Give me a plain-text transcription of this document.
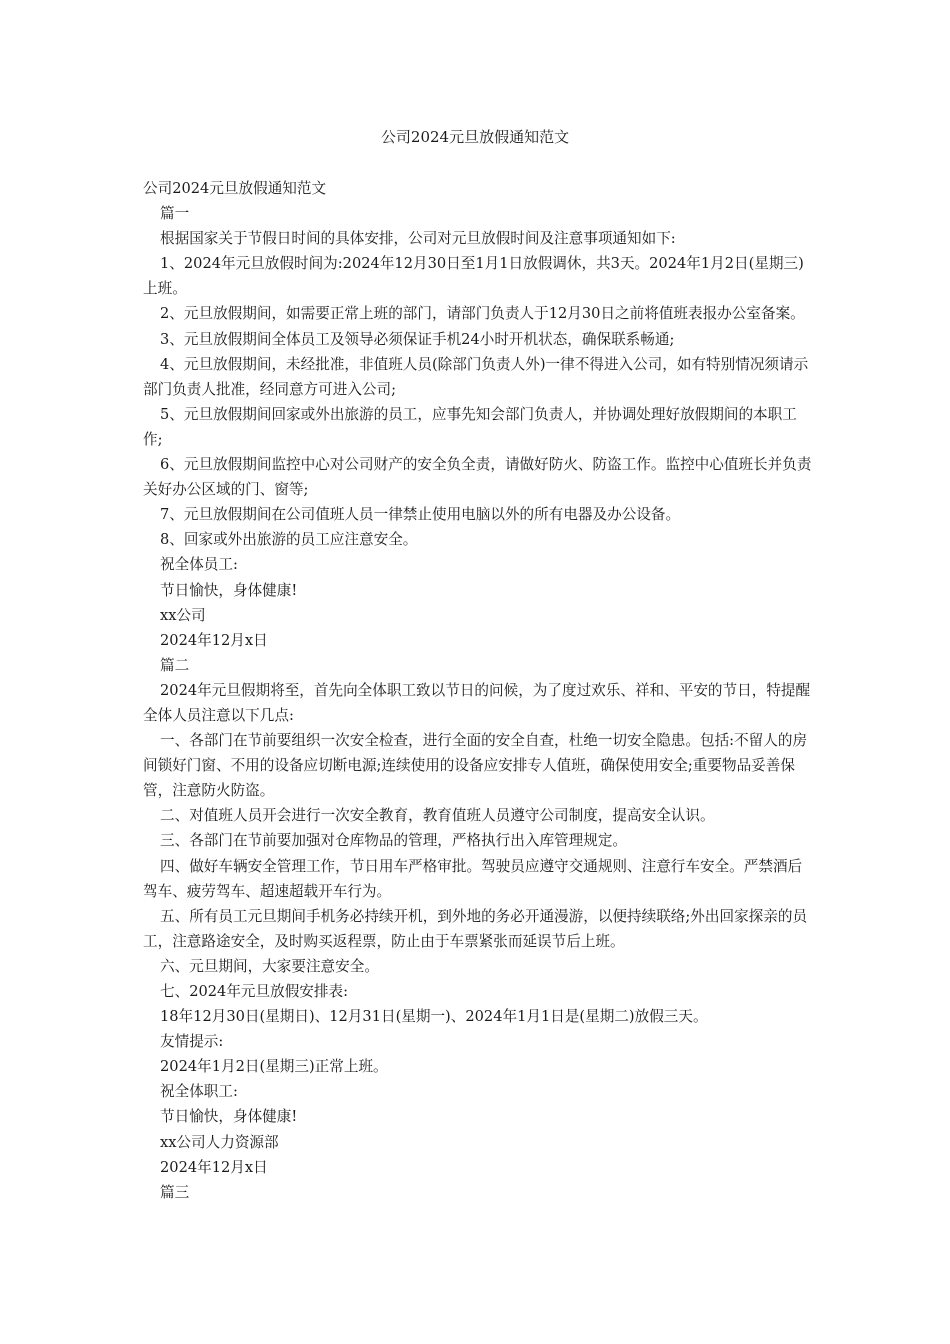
公司2024元旦放假通知范文

公司2024元旦放假通知范文

篇一

根据国家关于节假日时间的具体安排，公司对元旦放假时间及注意事项通知如下:

1、2024年元旦放假时间为:2024年12月30日至1月1日放假调休，共3天。2024年1月2日(星期三)上班。

2、元旦放假期间，如需要正常上班的部门，请部门负责人于12月30日之前将值班表报办公室备案。

3、元旦放假期间全体员工及领导必须保证手机24小时开机状态，确保联系畅通;

4、元旦放假期间，未经批准，非值班人员(除部门负责人外)一律不得进入公司，如有特别情况须请示部门负责人批准，经同意方可进入公司;

5、元旦放假期间回家或外出旅游的员工，应事先知会部门负责人，并协调处理好放假期间的本职工作;

6、元旦放假期间监控中心对公司财产的安全负全责，请做好防火、防盗工作。监控中心值班长并负责关好办公区域的门、窗等;

7、元旦放假期间在公司值班人员一律禁止使用电脑以外的所有电器及办公设备。

8、回家或外出旅游的员工应注意安全。

祝全体员工:

节日愉快，身体健康!

xx公司

2024年12月x日

篇二

2024年元旦假期将至，首先向全体职工致以节日的问候，为了度过欢乐、祥和、平安的节日，特提醒全体人员注意以下几点:

一、各部门在节前要组织一次安全检查，进行全面的安全自查，杜绝一切安全隐患。包括:不留人的房间锁好门窗、不用的设备应切断电源;连续使用的设备应安排专人值班，确保使用安全;重要物品妥善保管，注意防火防盗。

二、对值班人员开会进行一次安全教育，教育值班人员遵守公司制度，提高安全认识。

三、各部门在节前要加强对仓库物品的管理，严格执行出入库管理规定。

四、做好车辆安全管理工作，节日用车严格审批。驾驶员应遵守交通规则、注意行车安全。严禁酒后驾车、疲劳驾车、超速超载开车行为。

五、所有员工元旦期间手机务必持续开机，到外地的务必开通漫游，以便持续联络;外出回家探亲的员工，注意路途安全，及时购买返程票，防止由于车票紧张而延误节后上班。

六、元旦期间，大家要注意安全。

七、2024年元旦放假安排表:

18年12月30日(星期日)、12月31日(星期一)、2024年1月1日是(星期二)放假三天。

友情提示:

2024年1月2日(星期三)正常上班。

祝全体职工:

节日愉快，身体健康!

xx公司人力资源部

2024年12月x日

篇三
